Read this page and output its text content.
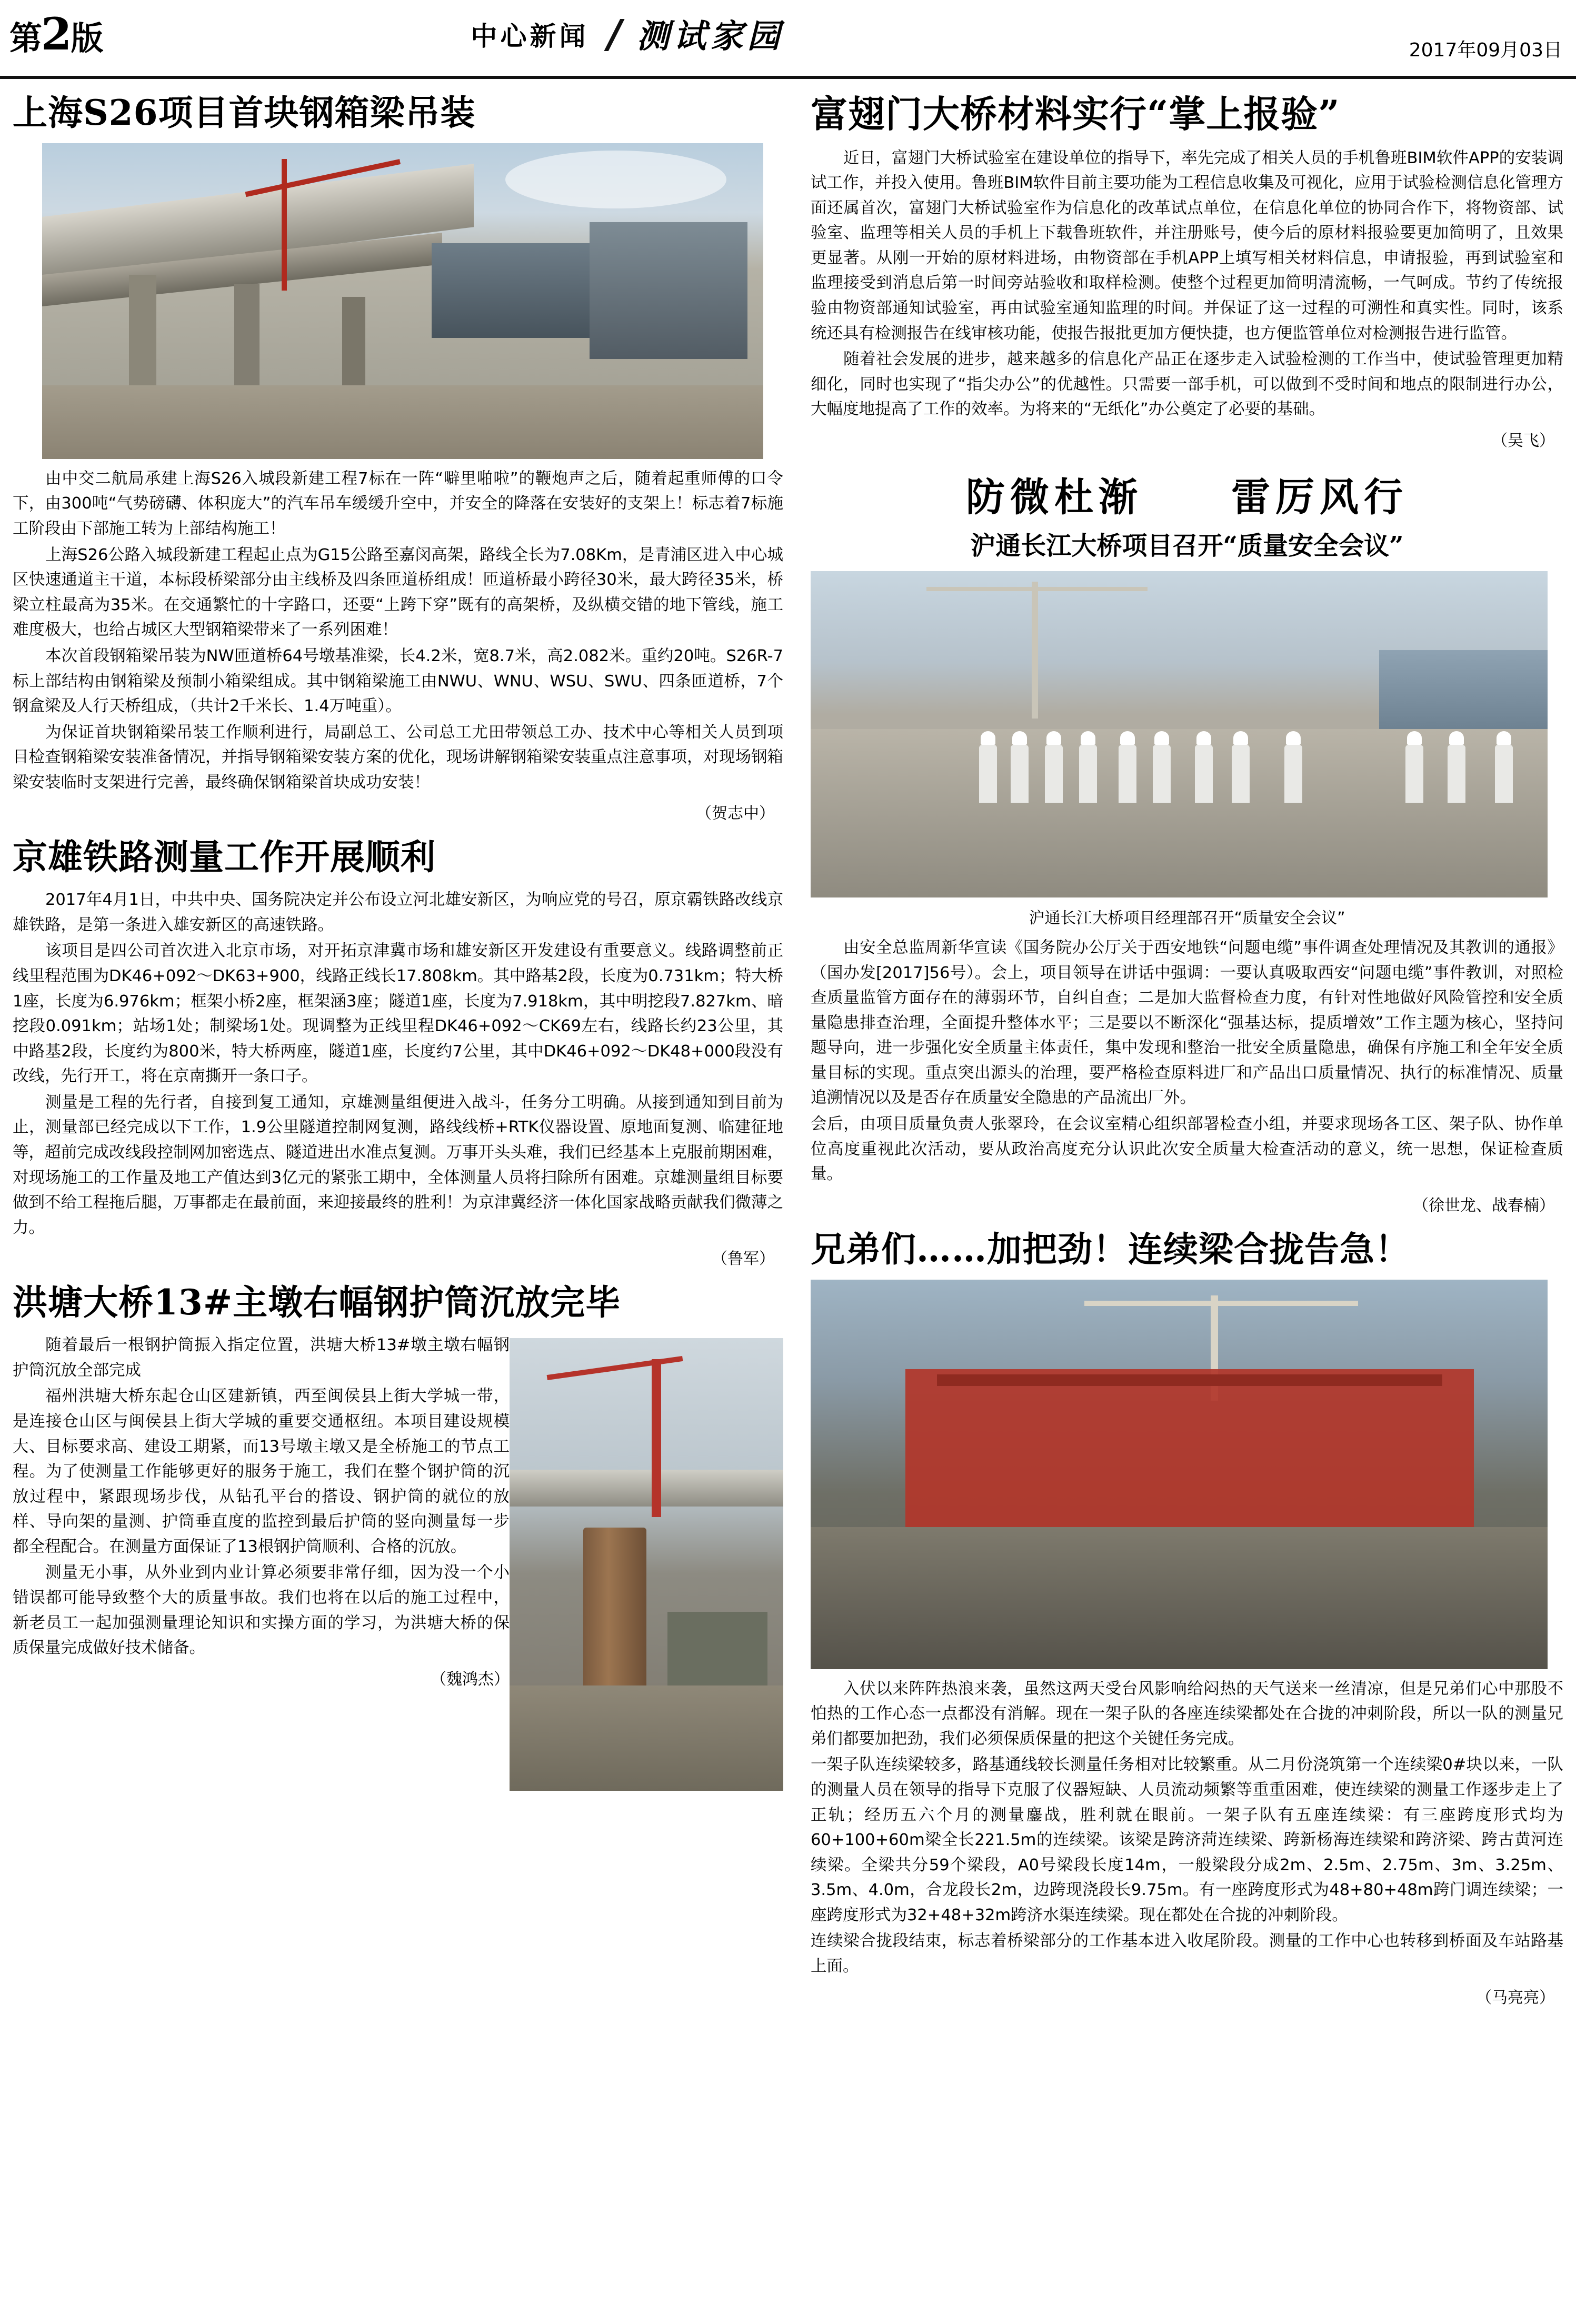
第2版	中心新闻 / 测试家园	2017年09月03日
上海S26项目首块钢箱梁吊装

由中交二航局承建上海S26入城段新建工程7标在一阵“噼里啪啦”的鞭炮声之后，随着起重师傅的口令下，由300吨“气势磅礴、体积庞大”的汽车吊车缓缓升空中，并安全的降落在安装好的支架上！标志着7标施工阶段由下部施工转为上部结构施工！

上海S26公路入城段新建工程起止点为G15公路至嘉闵高架，路线全长为7.08Km，是青浦区进入中心城区快速通道主干道，本标段桥梁部分由主线桥及四条匝道桥组成！匝道桥最小跨径30米，最大跨径35米，桥梁立柱最高为35米。在交通繁忙的十字路口，还要“上跨下穿”既有的高架桥，及纵横交错的地下管线，施工难度极大，也给占城区大型钢箱梁带来了一系列困难！

本次首段钢箱梁吊装为NW匝道桥64号墩基准梁，长4.2米，宽8.7米，高2.082米。重约20吨。S26R-7标上部结构由钢箱梁及预制小箱梁组成。其中钢箱梁施工由NWU、WNU、WSU、SWU、四条匝道桥，7个钢盒梁及人行天桥组成，（共计2千米长、1.4万吨重）。

为保证首块钢箱梁吊装工作顺利进行，局副总工、公司总工尤田带领总工办、技术中心等相关人员到项目检查钢箱梁安装准备情况，并指导钢箱梁安装方案的优化，现场讲解钢箱梁安装重点注意事项，对现场钢箱梁安装临时支架进行完善，最终确保钢箱梁首块成功安装！

（贺志中）
京雄铁路测量工作开展顺利

2017年4月1日，中共中央、国务院决定并公布设立河北雄安新区，为响应党的号召，原京霸铁路改线京雄铁路，是第一条进入雄安新区的高速铁路。

该项目是四公司首次进入北京市场，对开拓京津冀市场和雄安新区开发建设有重要意义。线路调整前正线里程范围为DK46+092～DK63+900，线路正线长17.808km。其中路基2段，长度为0.731km；特大桥1座，长度为6.976km；框架小桥2座，框架涵3座；隧道1座，长度为7.918km，其中明挖段7.827km、暗挖段0.091km；站场1处；制梁场1处。现调整为正线里程DK46+092～CK69左右，线路长约23公里，其中路基2段，长度约为800米，特大桥两座，隧道1座，长度约7公里，其中DK46+092～DK48+000段没有改线，先行开工，将在京南撕开一条口子。

测量是工程的先行者，自接到复工通知，京雄测量组便进入战斗，任务分工明确。从接到通知到目前为止，测量部已经完成以下工作，1.9公里隧道控制网复测，路线线桥+RTK仪器设置、原地面复测、临建征地等，超前完成改线段控制网加密选点、隧道进出水准点复测。万事开头头难，我们已经基本上克服前期困难，对现场施工的工作量及地工产值达到3亿元的紧张工期中，全体测量人员将扫除所有困难。京雄测量组目标要做到不给工程拖后腿，万事都走在最前面，来迎接最终的胜利！为京津冀经济一体化国家战略贡献我们微薄之力。

（鲁军）
洪塘大桥13#主墩右幅钢护筒沉放完毕

随着最后一根钢护筒振入指定位置，洪塘大桥13#墩主墩右幅钢护筒沉放全部完成

福州洪塘大桥东起仓山区建新镇，西至闽侯县上街大学城一带，是连接仓山区与闽侯县上街大学城的重要交通枢纽。本项目建设规模大、目标要求高、建设工期紧，而13号墩主墩又是全桥施工的节点工程。为了使测量工作能够更好的服务于施工，我们在整个钢护筒的沉放过程中，紧跟现场步伐，从钻孔平台的搭设、钢护筒的就位的放样、导向架的量测、护筒垂直度的监控到最后护筒的竖向测量每一步都全程配合。在测量方面保证了13根钢护筒顺利、合格的沉放。

测量无小事，从外业到内业计算必须要非常仔细，因为没一个小错误都可能导致整个大的质量事故。我们也将在以后的施工过程中，新老员工一起加强测量理论知识和实操方面的学习，为洪塘大桥的保质保量完成做好技术储备。

（魏鸿杰）
富翅门大桥材料实行“掌上报验”

近日，富翅门大桥试验室在建设单位的指导下，率先完成了相关人员的手机鲁班BIM软件APP的安装调试工作，并投入使用。鲁班BIM软件目前主要功能为工程信息收集及可视化，应用于试验检测信息化管理方面还属首次，富翅门大桥试验室作为信息化的改革试点单位，在信息化单位的协同合作下，将物资部、试验室、监理等相关人员的手机上下载鲁班软件，并注册账号，使今后的原材料报验要更加简明了，且效果更显著。从刚一开始的原材料进场，由物资部在手机APP上填写相关材料信息，申请报验，再到试验室和监理接受到消息后第一时间旁站验收和取样检测。使整个过程更加简明清流畅，一气呵成。节约了传统报验由物资部通知试验室，再由试验室通知监理的时间。并保证了这一过程的可溯性和真实性。同时，该系统还具有检测报告在线审核功能，使报告报批更加方便快捷，也方便监管单位对检测报告进行监管。

随着社会发展的进步，越来越多的信息化产品正在逐步走入试验检测的工作当中，使试验管理更加精细化，同时也实现了“指尖办公”的优越性。只需要一部手机，可以做到不受时间和地点的限制进行办公，大幅度地提高了工作的效率。为将来的“无纸化”办公奠定了必要的基础。

（吴飞）
防微杜渐　　雷厉风行
沪通长江大桥项目召开“质量安全会议”
沪通长江大桥项目经理部召开“质量安全会议”

由安全总监周新华宣读《国务院办公厅关于西安地铁“问题电缆”事件调查处理情况及其教训的通报》（国办发[2017]56号）。会上，项目领导在讲话中强调：一要认真吸取西安“问题电缆”事件教训，对照检查质量监管方面存在的薄弱环节，自纠自查；二是加大监督检查力度，有针对性地做好风险管控和安全质量隐患排查治理，全面提升整体水平；三是要以不断深化“强基达标，提质增效”工作主题为核心，坚持问题导向，进一步强化安全质量主体责任，集中发现和整治一批安全质量隐患，确保有序施工和全年安全质量目标的实现。重点突出源头的治理，要严格检查原料进厂和产品出口质量情况、执行的标准情况、质量追溯情况以及是否存在质量安全隐患的产品流出厂外。

会后，由项目质量负责人张翠玲，在会议室精心组织部署检查小组，并要求现场各工区、架子队、协作单位高度重视此次活动，要从政治高度充分认识此次安全质量大检查活动的意义，统一思想，保证检查质量。

（徐世龙、战春楠）
兄弟们……加把劲！连续梁合拢告急！

入伏以来阵阵热浪来袭，虽然这两天受台风影响给闷热的天气送来一丝清凉，但是兄弟们心中那股不怕热的工作心态一点都没有消解。现在一架子队的各座连续梁都处在合拢的冲刺阶段，所以一队的测量兄弟们都要加把劲，我们必须保质保量的把这个关键任务完成。

一架子队连续梁较多，路基通线较长测量任务相对比较繁重。从二月份浇筑第一个连续梁0#块以来，一队的测量人员在领导的指导下克服了仪器短缺、人员流动频繁等重重困难，使连续梁的测量工作逐步走上了正轨；经历五六个月的测量鏖战，胜利就在眼前。一架子队有五座连续梁：有三座跨度形式均为60+100+60m梁全长221.5m的连续梁。该梁是跨济菏连续梁、跨新杨海连续梁和跨济梁、跨古黄河连续梁。全梁共分59个梁段，A0号梁段长度14m，一般梁段分成2m、2.5m、2.75m、3m、3.25m、3.5m、4.0m，合龙段长2m，边跨现浇段长9.75m。有一座跨度形式为48+80+48m跨门调连续梁；一座跨度形式为32+48+32m跨济水渠连续梁。现在都处在合拢的冲刺阶段。

连续梁合拢段结束，标志着桥梁部分的工作基本进入收尾阶段。测量的工作中心也转移到桥面及车站路基上面。

（马亮亮）
